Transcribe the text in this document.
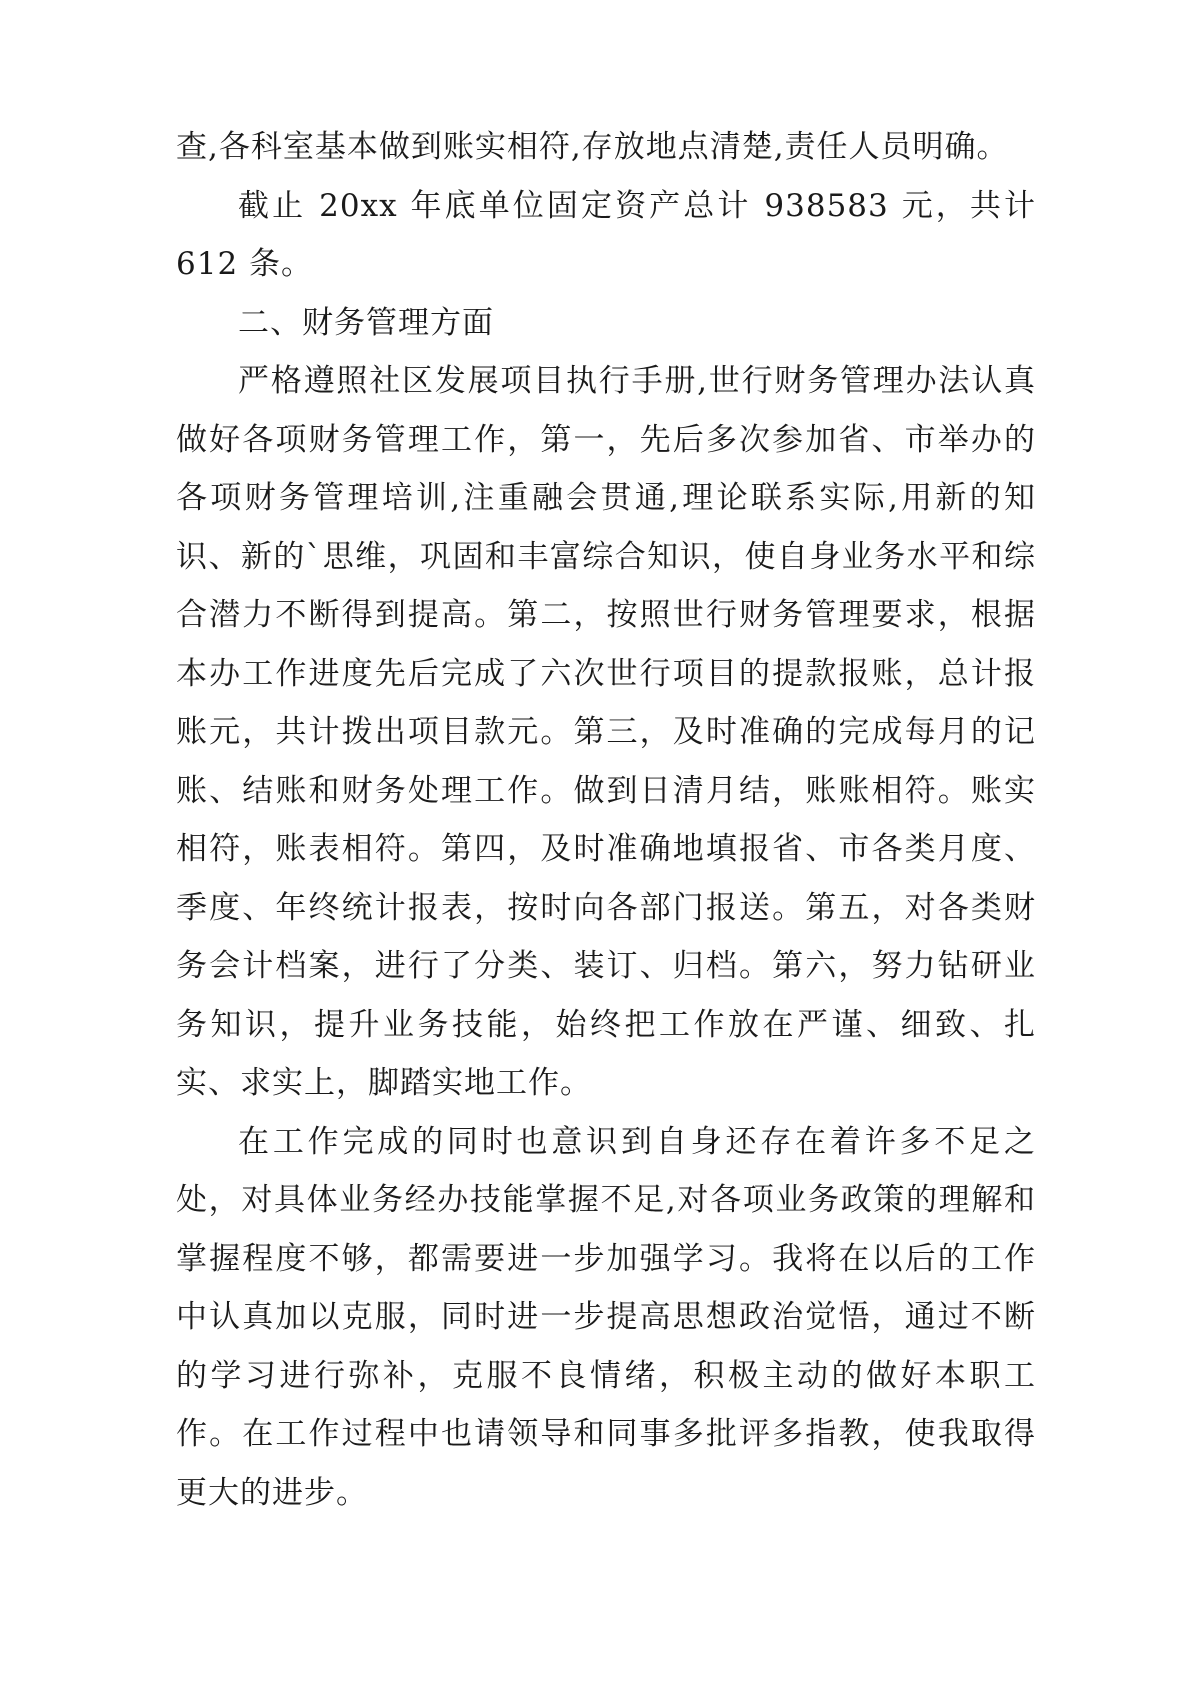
查,各科室基本做到账实相符,存放地点清楚,责任人员明确。

截止 20xx 年底单位固定资产总计 938583 元，共计 612 条。

二、财务管理方面

严格遵照社区发展项目执行手册,世行财务管理办法认真做好各项财务管理工作，第一，先后多次参加省、市举办的各项财务管理培训,注重融会贯通,理论联系实际,用新的知识、新的`思维，巩固和丰富综合知识，使自身业务水平和综合潜力不断得到提高。第二，按照世行财务管理要求，根据本办工作进度先后完成了六次世行项目的提款报账，总计报账元，共计拨出项目款元。第三，及时准确的完成每月的记账、结账和财务处理工作。做到日清月结，账账相符。账实相符，账表相符。第四，及时准确地填报省、市各类月度、季度、年终统计报表，按时向各部门报送。第五，对各类财务会计档案，进行了分类、装订、归档。第六，努力钻研业务知识，提升业务技能，始终把工作放在严谨、细致、扎实、求实上，脚踏实地工作。

在工作完成的同时也意识到自身还存在着许多不足之处，对具体业务经办技能掌握不足,对各项业务政策的理解和掌握程度不够，都需要进一步加强学习。我将在以后的工作中认真加以克服，同时进一步提高思想政治觉悟，通过不断的学习进行弥补，克服不良情绪，积极主动的做好本职工作。在工作过程中也请领导和同事多批评多指教，使我取得更大的进步。
